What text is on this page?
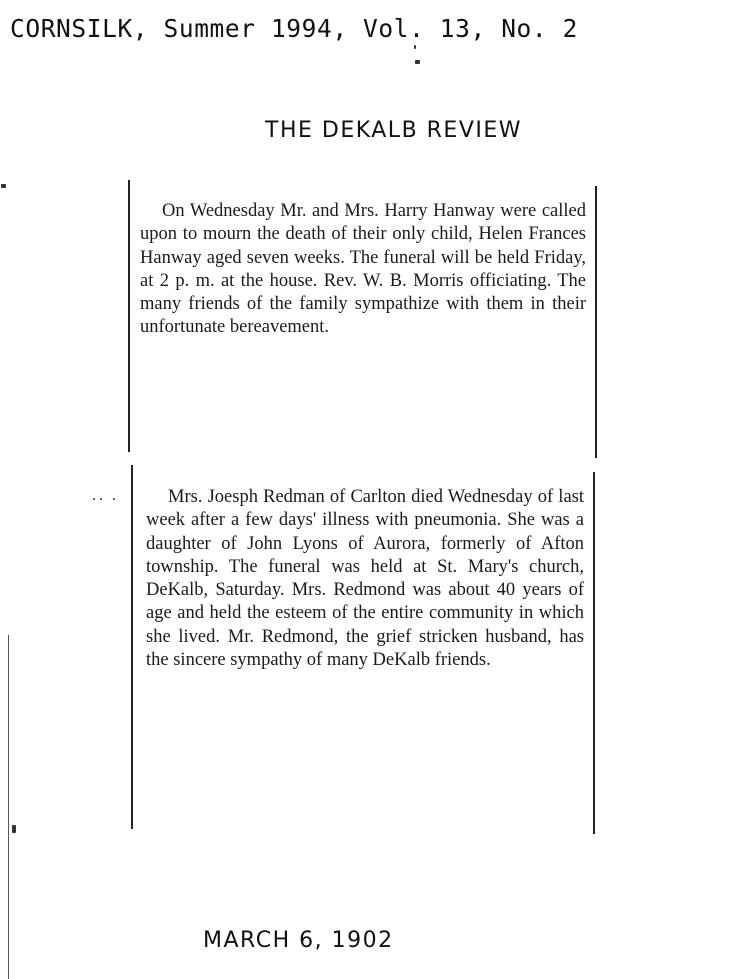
CORNSILK, Summer 1994, Vol. 13, No. 2
THE DEKALB REVIEW

On Wednesday Mr. and Mrs. Harry Hanway were called upon to mourn the death of their only child, Helen Frances Hanway aged seven weeks. The funeral will be held Friday, at 2 p. m. at the house. Rev. W. B. Morris officiating. The many friends of the family sympathize with them in their unfortunate bereavement.

Mrs. Joesph Redman of Carlton died Wednesday of last week after a few days' illness with pneumonia. She was a daughter of John Lyons of Aurora, formerly of Afton township. The funeral was held at St. Mary's church, DeKalb, Saturday. Mrs. Redmond was about 40 years of age and held the esteem of the entire community in which she lived. Mr. Redmond, the grief stricken husband, has the sincere sympathy of many DeKalb friends.

MARCH 6, 1902
